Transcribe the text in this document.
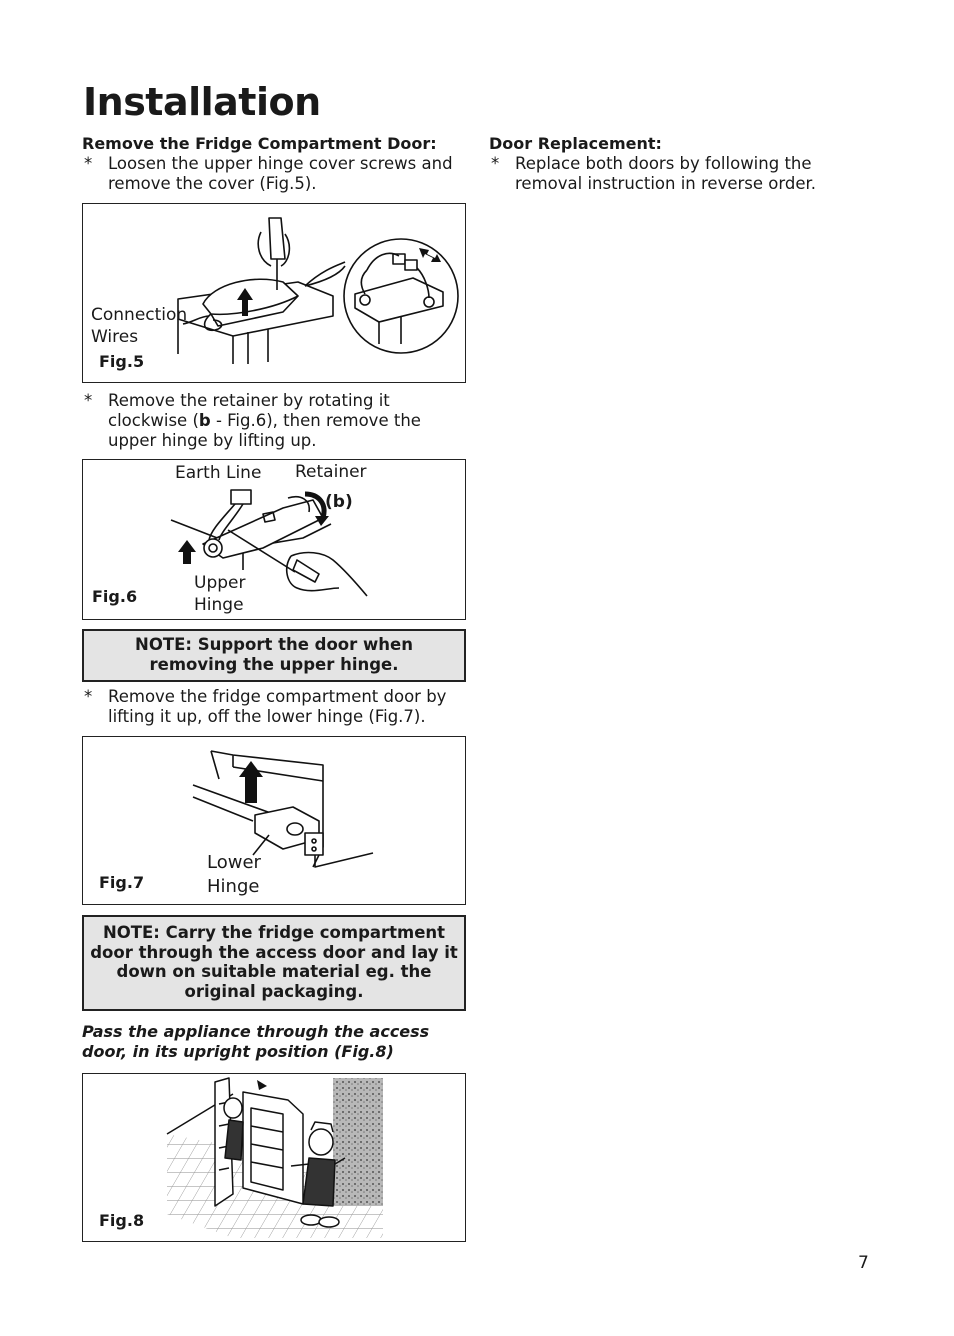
Installation

Remove the Fridge Compartment Door:

* Loosen the upper hinge cover screws and remove the cover (Fig.5).

Connection
Wires
Fig.5

* Remove the retainer by rotating it clockwise (b - Fig.6), then remove the upper hinge by lifting up.

Earth Line Retainer
(b)
Upper
Hinge
Fig.6
NOTE: Support the door when removing the upper hinge.

* Remove the fridge compartment door by lifting it up, off the lower hinge (Fig.7).

Lower
Hinge
Fig.7
NOTE: Carry the fridge compartment door through the access door and lay it down on suitable material eg. the original packaging.

Pass the appliance through the access door, in its upright position (Fig.8)

Fig.8

Door Replacement:

* Replace both doors by following the removal instruction in reverse order.

7
